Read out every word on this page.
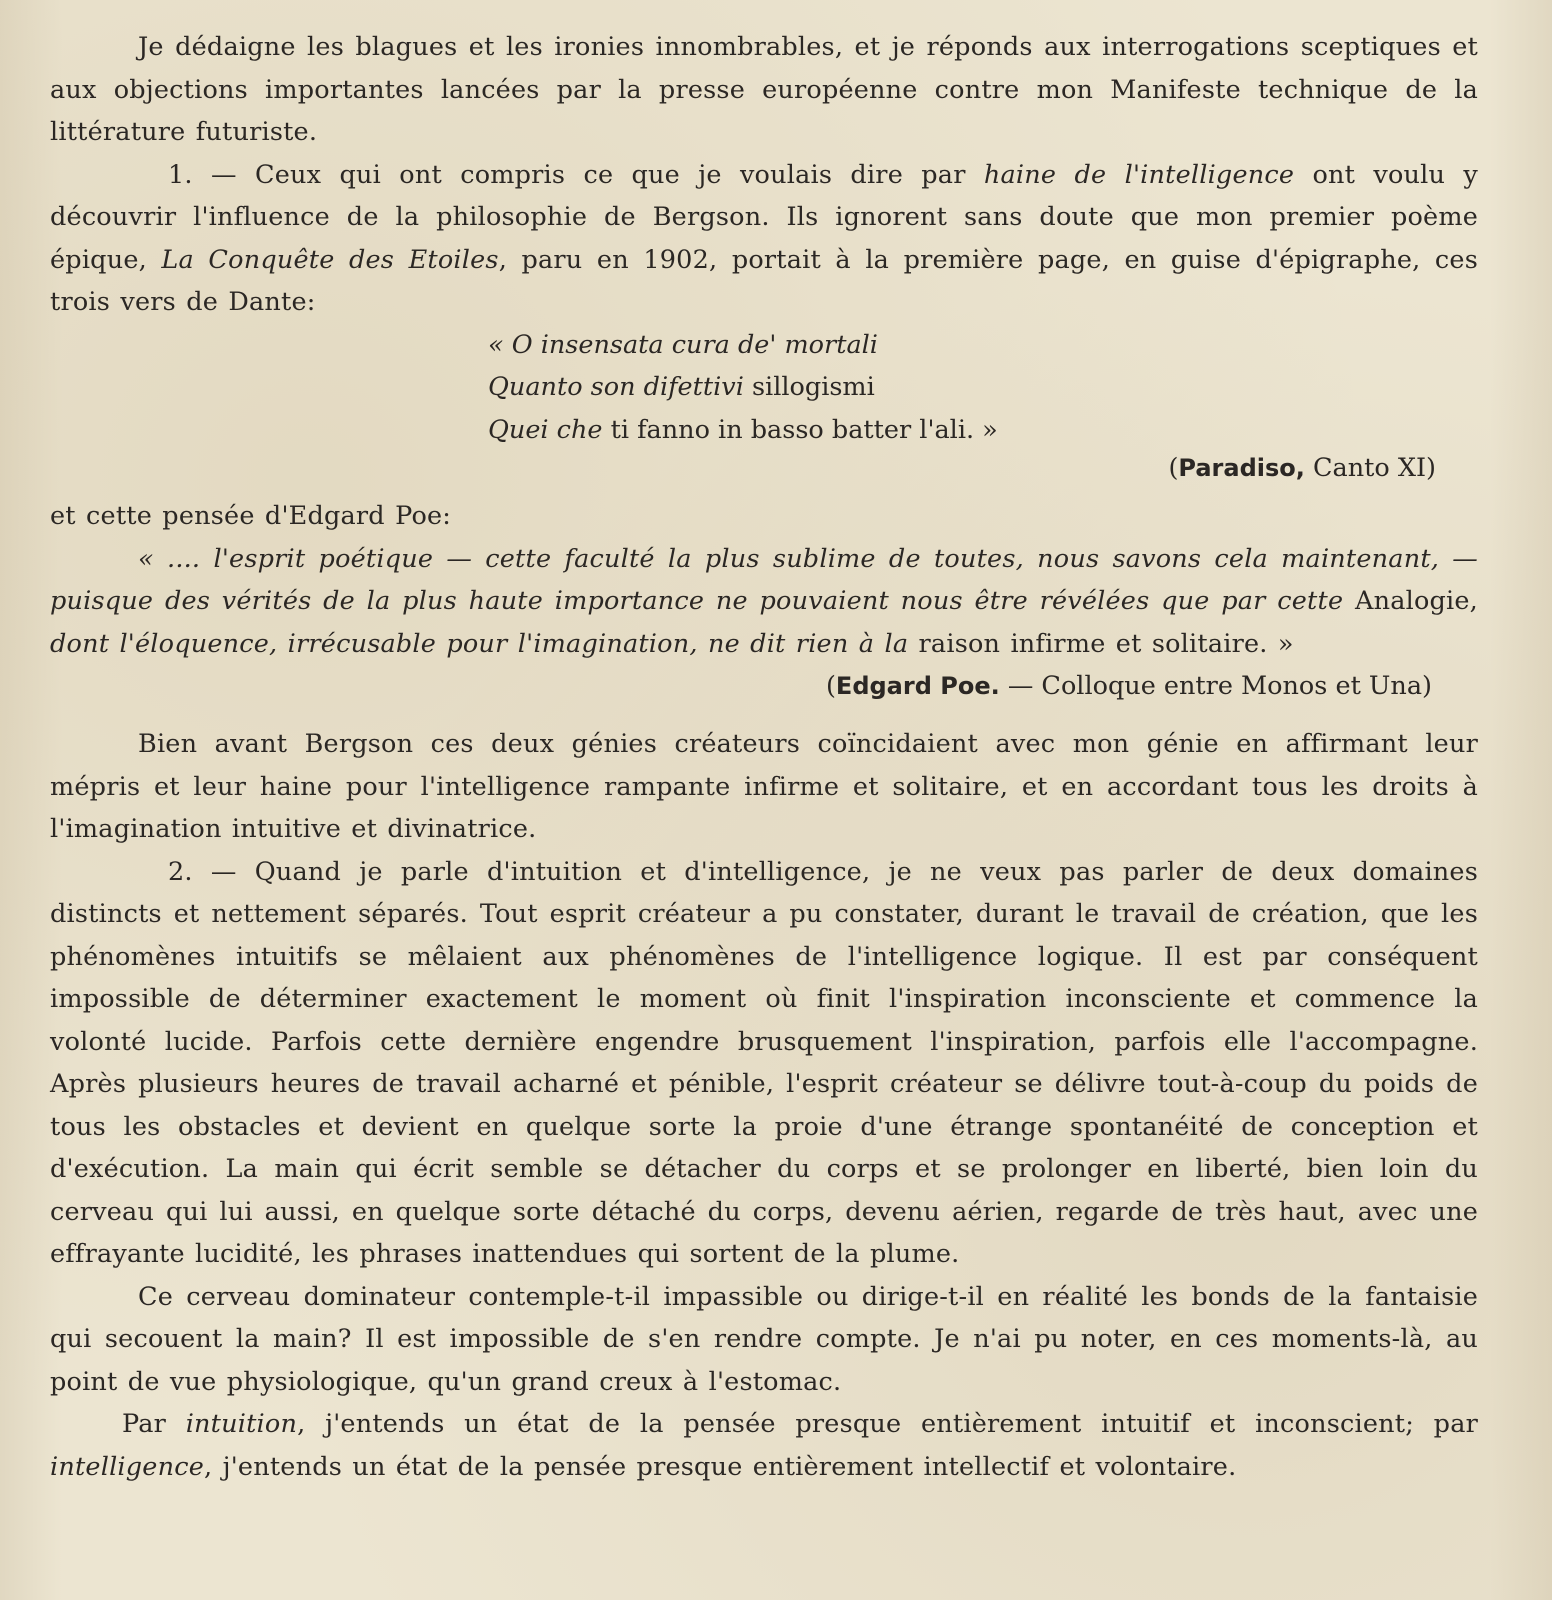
Je dédaigne les blagues et les ironies innombrables, et je réponds aux interrogations sceptiques et aux objections importantes lancées par la presse européenne contre mon Manifeste technique de la littérature futuriste.

1. — Ceux qui ont compris ce que je voulais dire par haine de l'intelligence ont voulu y découvrir l'influence de la philosophie de Bergson. Ils ignorent sans doute que mon premier poème épique, La Conquête des Etoiles, paru en 1902, portait à la première page, en guise d'épigraphe, ces trois vers de Dante:

« O insensata cura de' mortali
Quanto son difettivi sillogismi
Quei che ti fanno in basso batter l'ali. »
(Paradiso, Canto XI)

et cette pensée d'Edgard Poe:

« .... l'esprit poétique — cette faculté la plus sublime de toutes, nous savons cela maintenant, — puisque des vérités de la plus haute importance ne pouvaient nous être révélées que par cette Analogie, dont l'éloquence, irrécusable pour l'imagination, ne dit rien à la raison infirme et solitaire. »

(Edgard Poe. — Colloque entre Monos et Una)

Bien avant Bergson ces deux génies créateurs coïncidaient avec mon génie en affirmant leur mépris et leur haine pour l'intelligence rampante infirme et solitaire, et en accordant tous les droits à l'imagination intuitive et divinatrice.

2. — Quand je parle d'intuition et d'intelligence, je ne veux pas parler de deux domaines distincts et nettement séparés. Tout esprit créateur a pu constater, durant le travail de création, que les phénomènes intuitifs se mêlaient aux phénomènes de l'intelligence logique. Il est par conséquent impossible de déterminer exactement le moment où finit l'inspiration inconsciente et commence la volonté lucide. Parfois cette dernière engendre brusquement l'inspiration, parfois elle l'accompagne. Après plusieurs heures de travail acharné et pénible, l'esprit créateur se délivre tout-à-coup du poids de tous les obstacles et devient en quelque sorte la proie d'une étrange spontanéité de conception et d'exécution. La main qui écrit semble se détacher du corps et se prolonger en liberté, bien loin du cerveau qui lui aussi, en quelque sorte détaché du corps, devenu aérien, regarde de très haut, avec une effrayante lucidité, les phrases inattendues qui sortent de la plume.

Ce cerveau dominateur contemple-t-il impassible ou dirige-t-il en réalité les bonds de la fantaisie qui secouent la main? Il est impossible de s'en rendre compte. Je n'ai pu noter, en ces moments-là, au point de vue physiologique, qu'un grand creux à l'estomac.

Par intuition, j'entends un état de la pensée presque entièrement intuitif et inconscient; par intelligence, j'entends un état de la pensée presque entièrement intellectif et volontaire.
